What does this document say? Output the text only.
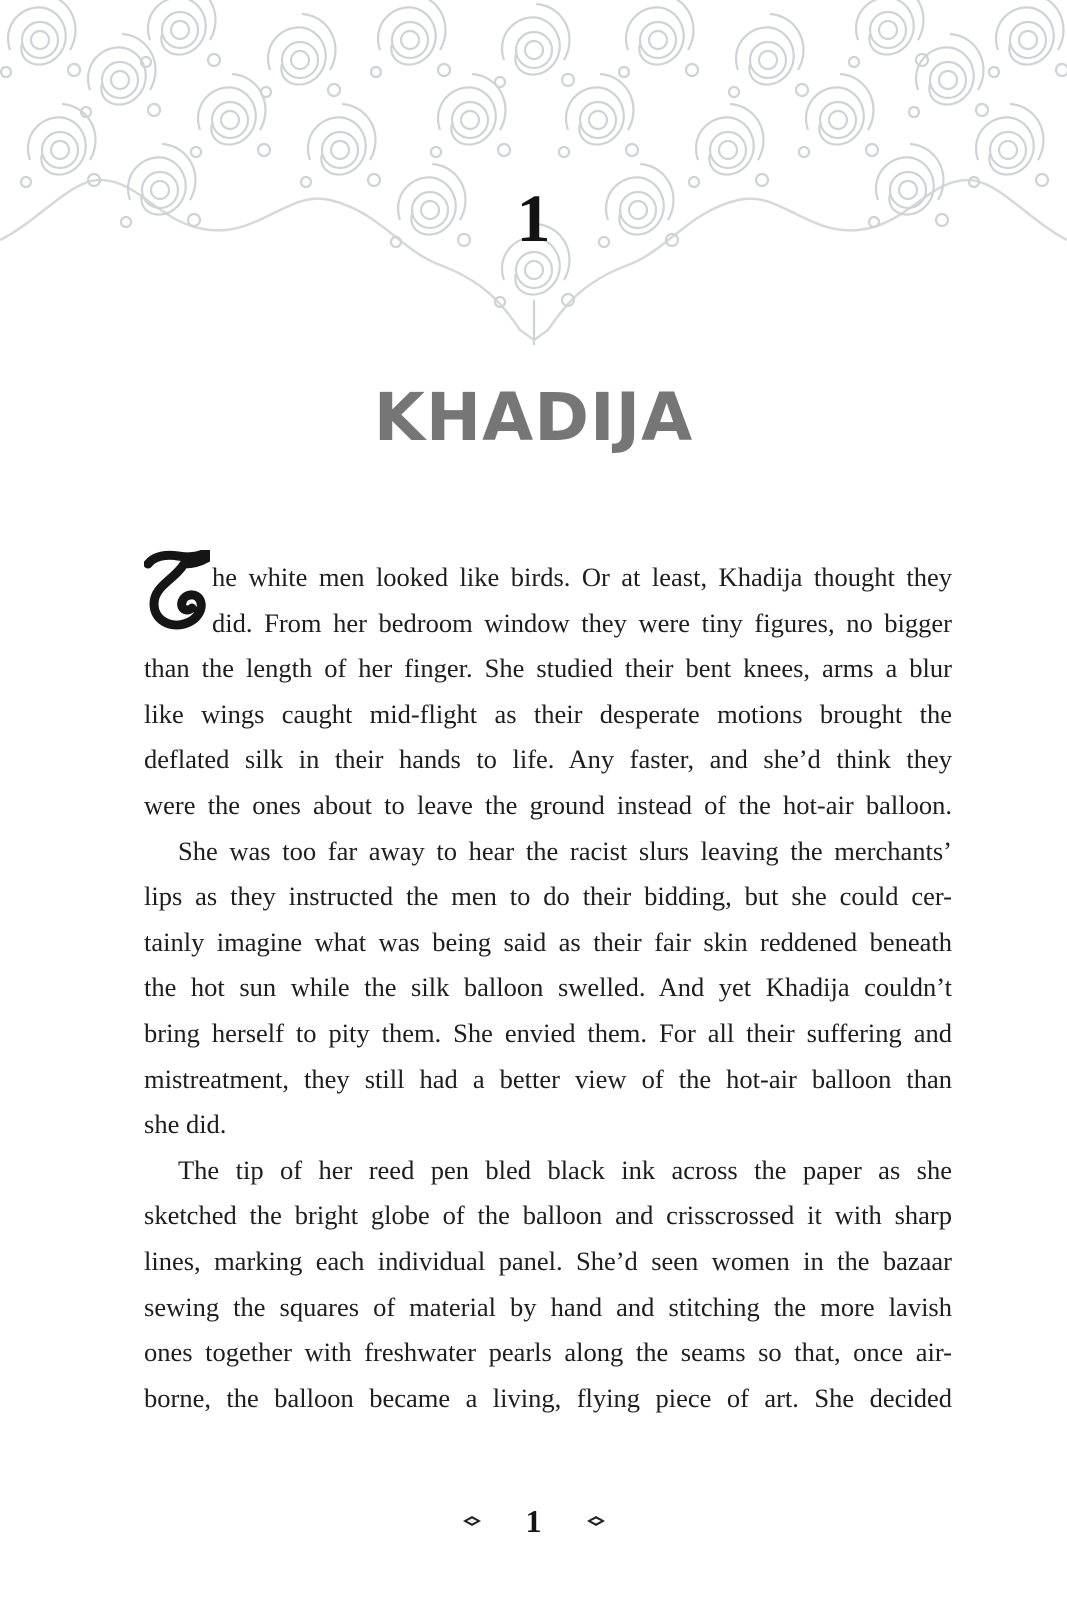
1
KHADIJA
T
he white men looked like birds. Or at least, Khadija thought they
did. From her bedroom window they were tiny figures, no bigger
than the length of her finger. She studied their bent knees, arms a blur
like wings caught mid-flight as their desperate motions brought the
deflated silk in their hands to life. Any faster, and she’d think they
were the ones about to leave the ground instead of the hot-air balloon.
She was too far away to hear the racist slurs leaving the merchants’
lips as they instructed the men to do their bidding, but she could cer-
tainly imagine what was being said as their fair skin reddened beneath
the hot sun while the silk balloon swelled. And yet Khadija couldn’t
bring herself to pity them. She envied them. For all their suffering and
mistreatment, they still had a better view of the hot-air balloon than
she did.
The tip of her reed pen bled black ink across the paper as she
sketched the bright globe of the balloon and crisscrossed it with sharp
lines, marking each individual panel. She’d seen women in the bazaar
sewing the squares of material by hand and stitching the more lavish
ones together with freshwater pearls along the seams so that, once air-
borne, the balloon became a living, flying piece of art. She decided
1
